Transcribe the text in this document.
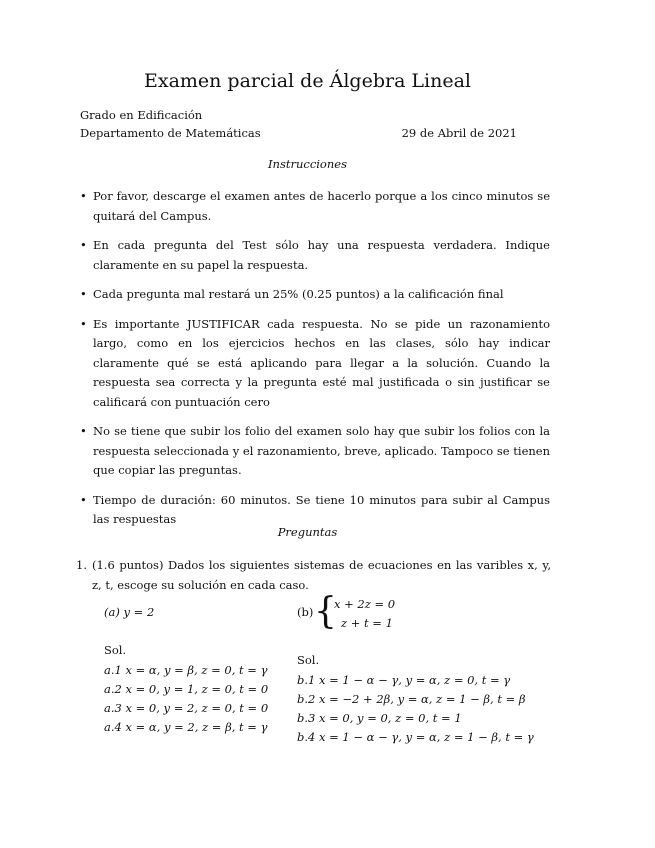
Examen parcial de Álgebra Lineal
Grado en Edificación
Departamento de Matemáticas	29 de Abril de 2021
Instrucciones
• Por favor, descarge el examen antes de hacerlo porque a los cinco minutos se quitará del Campus.
• En cada pregunta del Test sólo hay una respuesta verdadera. Indique claramente en su papel la respuesta.
• Cada pregunta mal restará un 25% (0.25 puntos) a la calificación final
• Es importante JUSTIFICAR cada respuesta. No se pide un razonamiento largo, como en los ejercicios hechos en las clases, sólo hay indicar claramente qué se está aplicando para llegar a la solución. Cuando la respuesta sea correcta y la pregunta esté mal justificada o sin justificar se calificará con puntuación cero
• No se tiene que subir los folio del examen solo hay que subir los folios con la respuesta seleccionada y el razonamiento, breve, aplicado. Tampoco se tienen que copiar las preguntas.
• Tiempo de duración: 60 minutos. Se tiene 10 minutos para subir al Campus las respuestas
Preguntas
1. (1.6 puntos) Dados los siguientes sistemas de ecuaciones en las varibles x, y, z, t, escoge su solución en cada caso.
(a) y = 2	(b) {
x + 2z = 0
z + t = 1
Sol.
a.1 x = α, y = β, z = 0, t = γ
a.2 x = 0, y = 1, z = 0, t = 0
a.3 x = 0, y = 2, z = 0, t = 0
a.4 x = α, y = 2, z = β, t = γ
Sol.
b.1 x = 1 − α − γ, y = α, z = 0, t = γ
b.2 x = −2 + 2β, y = α, z = 1 − β, t = β
b.3 x = 0, y = 0, z = 0, t = 1
b.4 x = 1 − α − γ, y = α, z = 1 − β, t = γ
